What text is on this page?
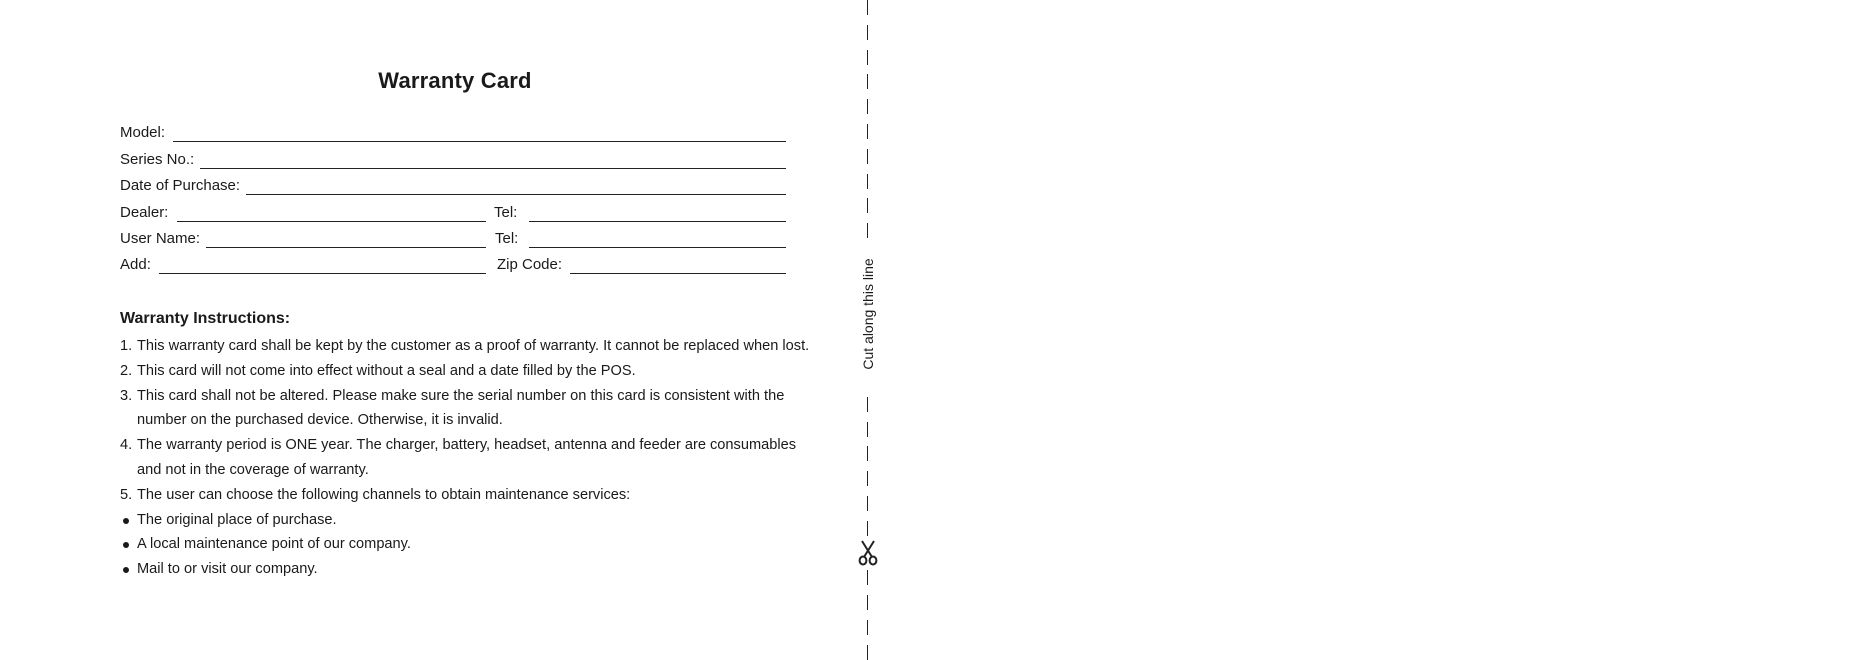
Warranty Card
Model:
Series No.:
Date of Purchase:
Dealer:	Tel:
User Name:	Tel:
Add:	Zip Code:
Warranty Instructions:
1. This warranty card shall be kept by the customer as a proof of warranty. It cannot be replaced when lost.
2. This card will not come into effect without a seal and a date filled by the POS.
3. This card shall not be altered. Please make sure the serial number on this card is consistent with the
number on the purchased device. Otherwise, it is invalid.
4. The warranty period is ONE year. The charger, battery, headset, antenna and feeder are consumables
and not in the coverage of warranty.
5. The user can choose the following channels to obtain maintenance services:
The original place of purchase.
A local maintenance point of our company.
Mail to or visit our company.
Cut along this line
